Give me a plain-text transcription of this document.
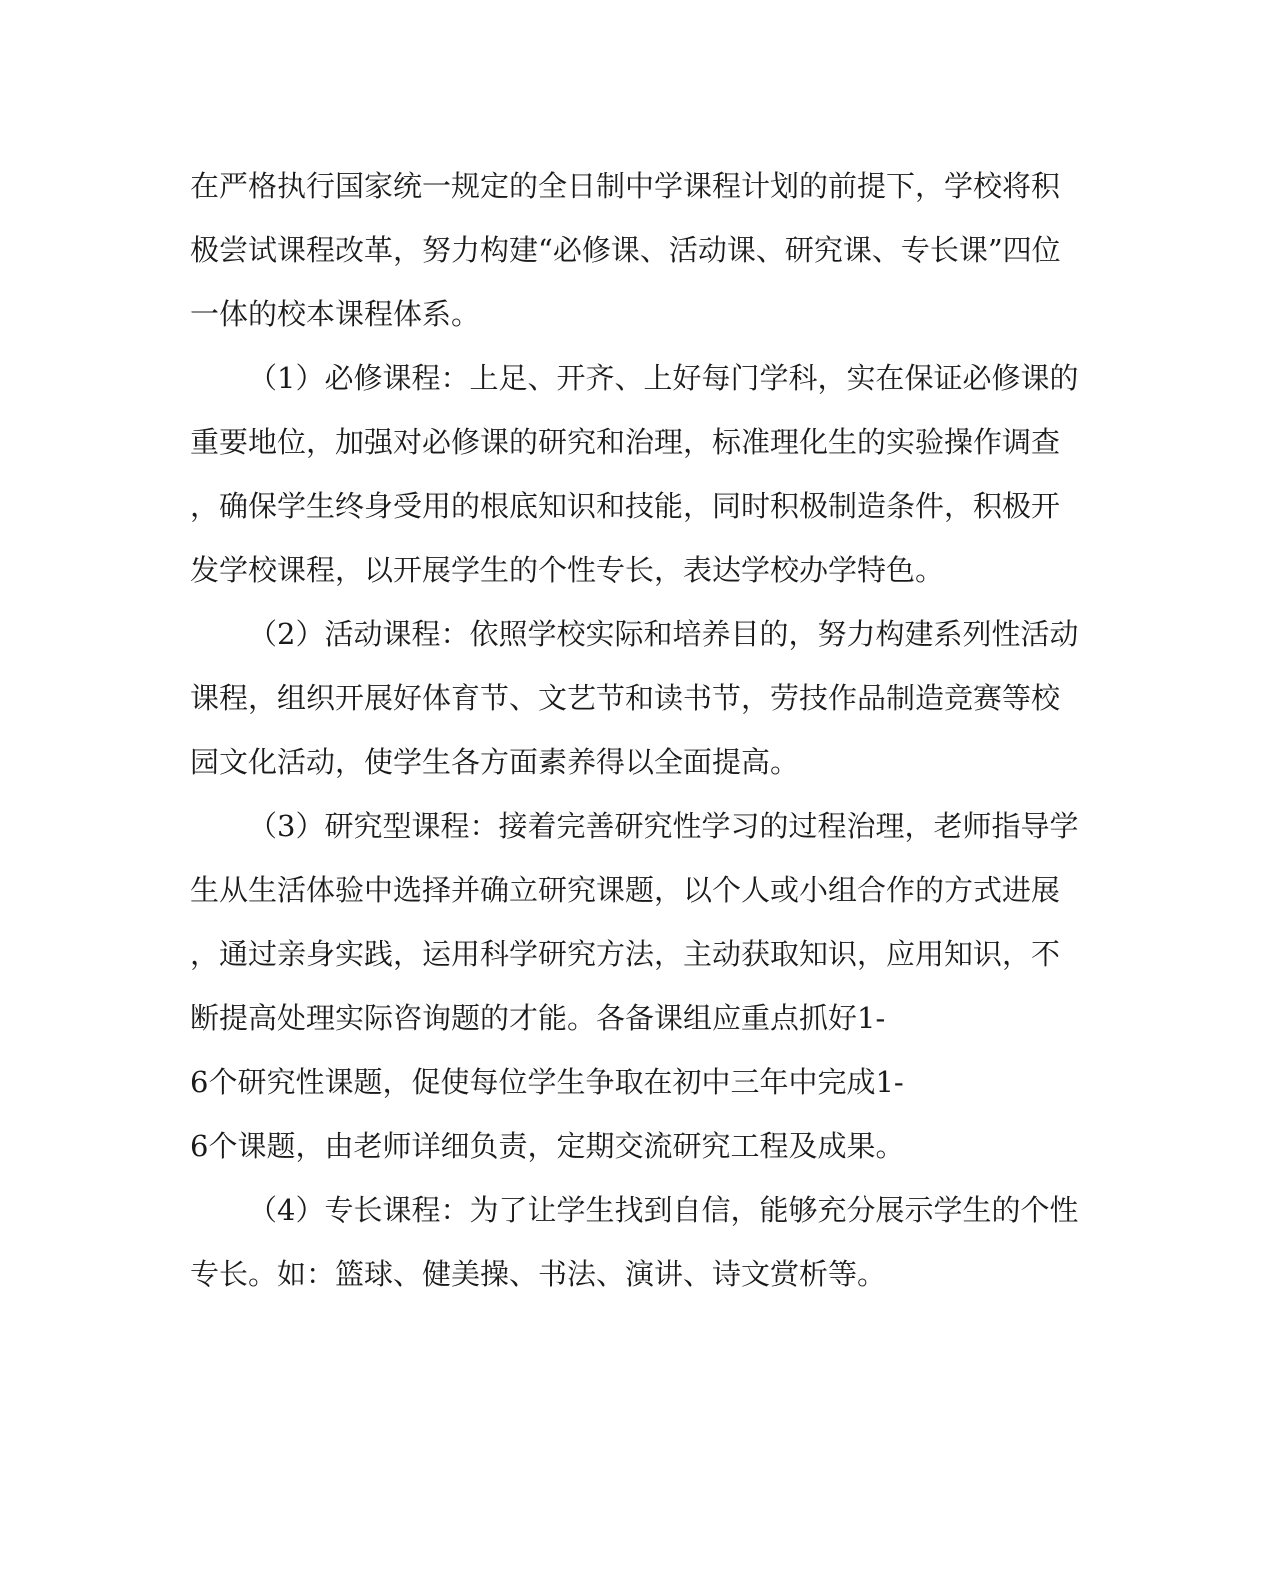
在严格执行国家统一规定的全日制中学课程计划的前提下，学校将积
极尝试课程改革，努力构建“必修课、活动课、研究课、专长课”四位
一体的校本课程体系。
（1）必修课程：上足、开齐、上好每门学科，实在保证必修课的
重要地位，加强对必修课的研究和治理，标准理化生的实验操作调查
，确保学生终身受用的根底知识和技能，同时积极制造条件，积极开
发学校课程，以开展学生的个性专长，表达学校办学特色。
（2）活动课程：依照学校实际和培养目的，努力构建系列性活动
课程，组织开展好体育节、文艺节和读书节，劳技作品制造竞赛等校
园文化活动，使学生各方面素养得以全面提高。
（3）研究型课程：接着完善研究性学习的过程治理，老师指导学
生从生活体验中选择并确立研究课题，以个人或小组合作的方式进展
，通过亲身实践，运用科学研究方法，主动获取知识，应用知识，不
断提高处理实际咨询题的才能。各备课组应重点抓好1-
6个研究性课题，促使每位学生争取在初中三年中完成1-
6个课题，由老师详细负责，定期交流研究工程及成果。
（4）专长课程：为了让学生找到自信，能够充分展示学生的个性
专长。如：篮球、健美操、书法、演讲、诗文赏析等。
